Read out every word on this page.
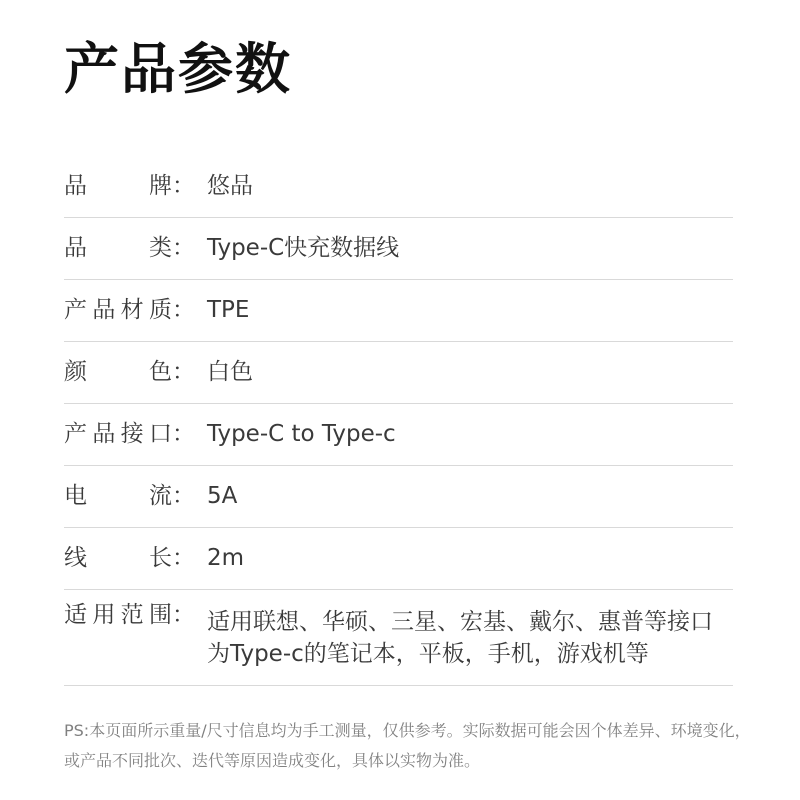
产品参数
品	牌 ： 悠品
品	类 ： Type-C快充数据线
产 品 材 质 ： TPE
颜	色 ： 白色
产 品 接 口 ： Type-C to Type-c
电	流 ： 5A
线	长 ： 2m
适 用 范 围 ： 适用联想、华硕、三星、宏基、戴尔、惠普等接口为Type-c的笔记本，平板，手机，游戏机等
PS:本页面所示重量/尺寸信息均为手工测量，仅供参考。实际数据可能会因个体差异、环境变化，或产品不同批次、迭代等原因造成变化，具体以实物为准。
